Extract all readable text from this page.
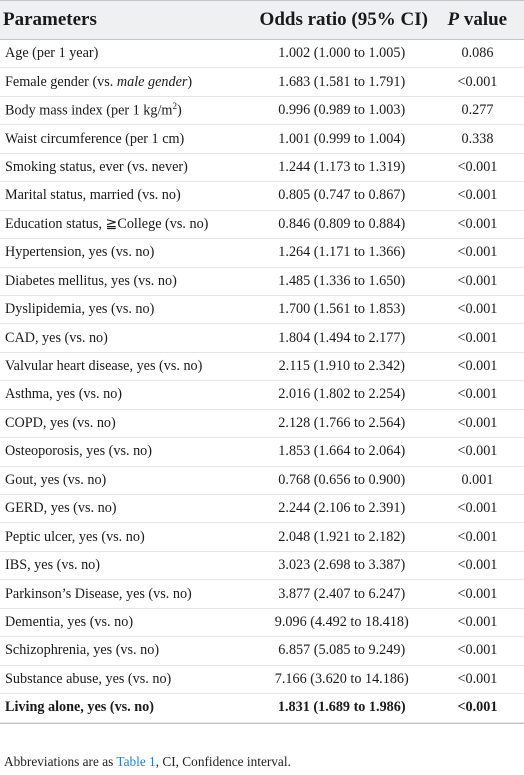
Parameters	Odds ratio (95% CI)	P value
Age (per 1 year)	1.002 (1.000 to 1.005)	0.086
Female gender (vs. male gender)	1.683 (1.581 to 1.791)	<0.001
Body mass index (per 1 $kg/m^2$)	0.996 (0.989 to 1.003)	0.277
Waist circumference (per 1 cm)	1.001 (0.999 to 1.004)	0.338
Smoking status, ever (vs. never)	1.244 (1.173 to 1.319)	<0.001
Marital status, married (vs. no)	0.805 (0.747 to 0.867)	<0.001
Education status, ≧College (vs. no)	0.846 (0.809 to 0.884)	<0.001
Hypertension, yes (vs. no)	1.264 (1.171 to 1.366)	<0.001
Diabetes mellitus, yes (vs. no)	1.485 (1.336 to 1.650)	<0.001
Dyslipidemia, yes (vs. no)	1.700 (1.561 to 1.853)	<0.001
CAD, yes (vs. no)	1.804 (1.494 to 2.177)	<0.001
Valvular heart disease, yes (vs. no)	2.115 (1.910 to 2.342)	<0.001
Asthma, yes (vs. no)	2.016 (1.802 to 2.254)	<0.001
COPD, yes (vs. no)	2.128 (1.766 to 2.564)	<0.001
Osteoporosis, yes (vs. no)	1.853 (1.664 to 2.064)	<0.001
Gout, yes (vs. no)	0.768 (0.656 to 0.900)	0.001
GERD, yes (vs. no)	2.244 (2.106 to 2.391)	<0.001
Peptic ulcer, yes (vs. no)	2.048 (1.921 to 2.182)	<0.001
IBS, yes (vs. no)	3.023 (2.698 to 3.387)	<0.001
Parkinson’s Disease, yes (vs. no)	3.877 (2.407 to 6.247)	<0.001
Dementia, yes (vs. no)	9.096 (4.492 to 18.418)	<0.001
Schizophrenia, yes (vs. no)	6.857 (5.085 to 9.249)	<0.001
Substance abuse, yes (vs. no)	7.166 (3.620 to 14.186)	<0.001
Living alone, yes (vs. no)	1.831 (1.689 to 1.986)	<0.001
Abbreviations are as Table 1, CI, Confidence interval.
